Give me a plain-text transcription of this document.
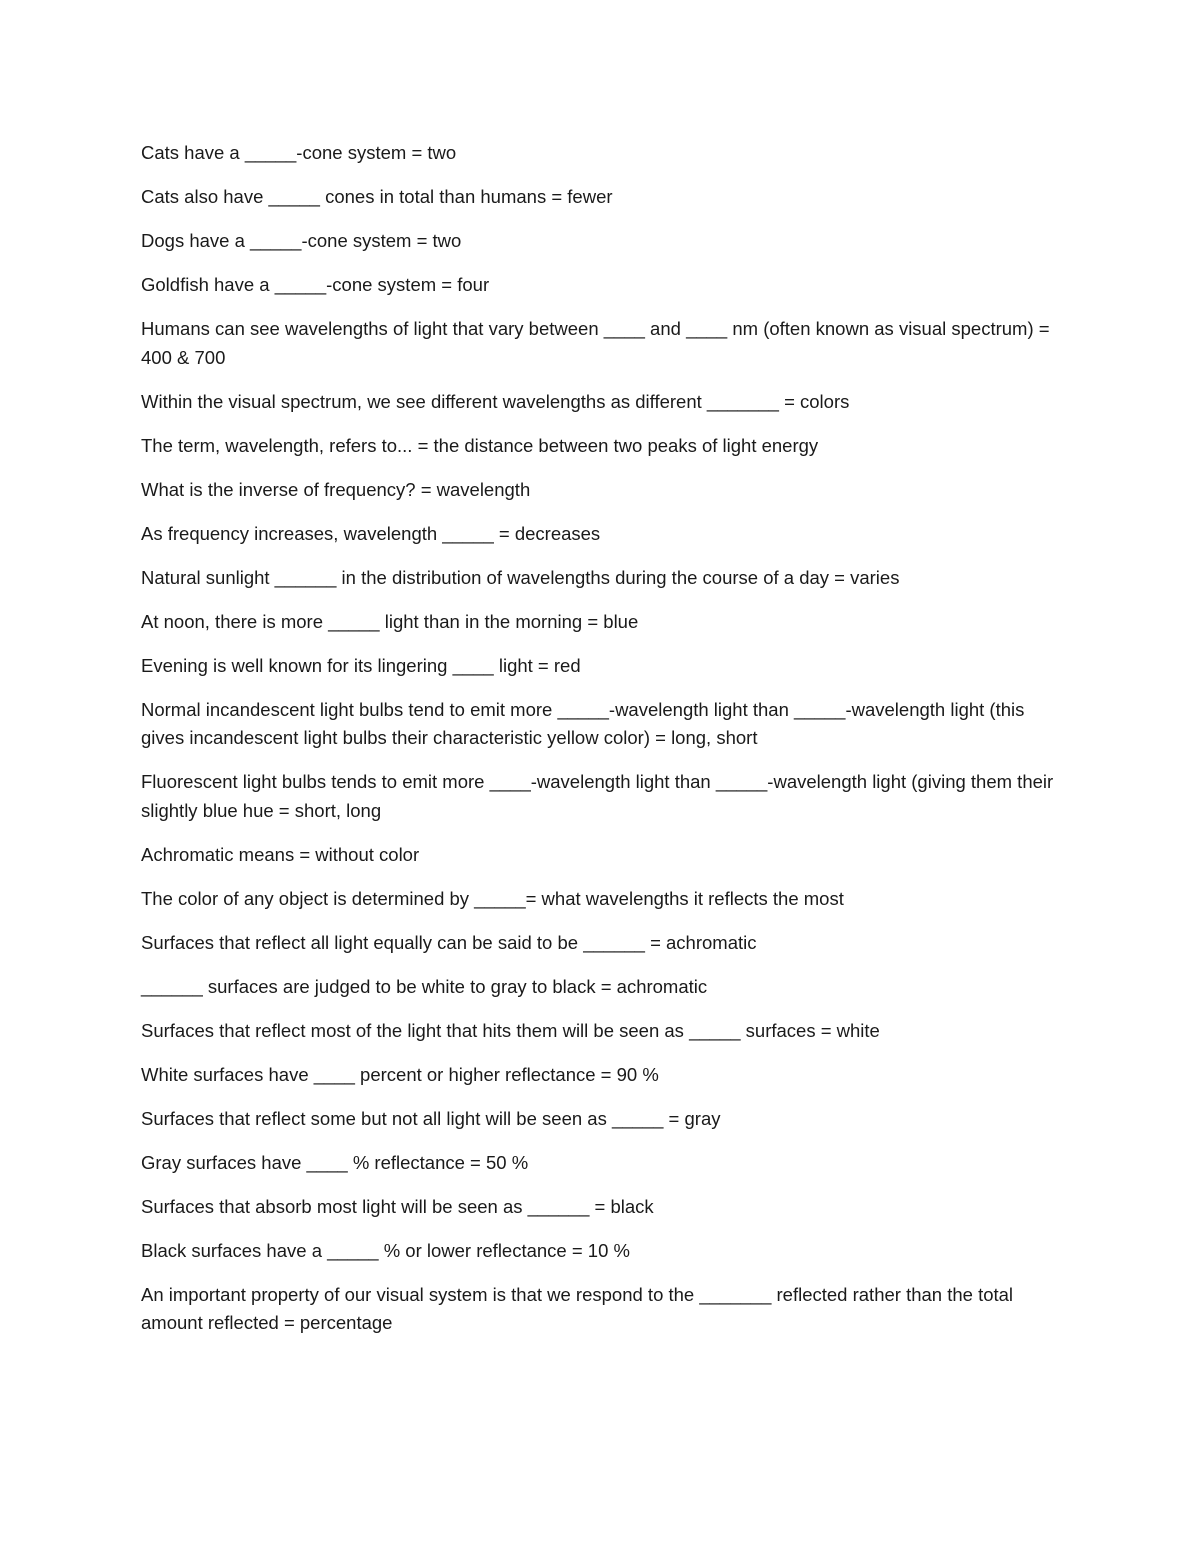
Cats have a _____-cone system = two

Cats also have _____ cones in total than humans = fewer

Dogs have a _____-cone system = two

Goldfish have a _____-cone system = four

Humans can see wavelengths of light that vary between ____ and ____ nm (often known as visual spectrum) = 400 & 700

Within the visual spectrum, we see different wavelengths as different _______ = colors

The term, wavelength, refers to... = the distance between two peaks of light energy

What is the inverse of frequency? = wavelength

As frequency increases, wavelength _____ = decreases

Natural sunlight ______ in the distribution of wavelengths during the course of a day = varies

At noon, there is more _____ light than in the morning = blue

Evening is well known for its lingering ____ light = red

Normal incandescent light bulbs tend to emit more _____-wavelength light than _____-wavelength light (this gives incandescent light bulbs their characteristic yellow color) = long, short

Fluorescent light bulbs tends to emit more ____-wavelength light than _____-wavelength light (giving them their slightly blue hue = short, long

Achromatic means = without color

The color of any object is determined by _____= what wavelengths it reflects the most

Surfaces that reflect all light equally can be said to be ______ = achromatic

______ surfaces are judged to be white to gray to black = achromatic

Surfaces that reflect most of the light that hits them will be seen as _____ surfaces = white

White surfaces have ____ percent or higher reflectance = 90 %

Surfaces that reflect some but not all light will be seen as _____ = gray

Gray surfaces have ____ % reflectance = 50 %

Surfaces that absorb most light will be seen as ______ = black

Black surfaces have a _____ % or lower reflectance = 10 %

An important property of our visual system is that we respond to the _______ reflected rather than the total amount reflected = percentage
